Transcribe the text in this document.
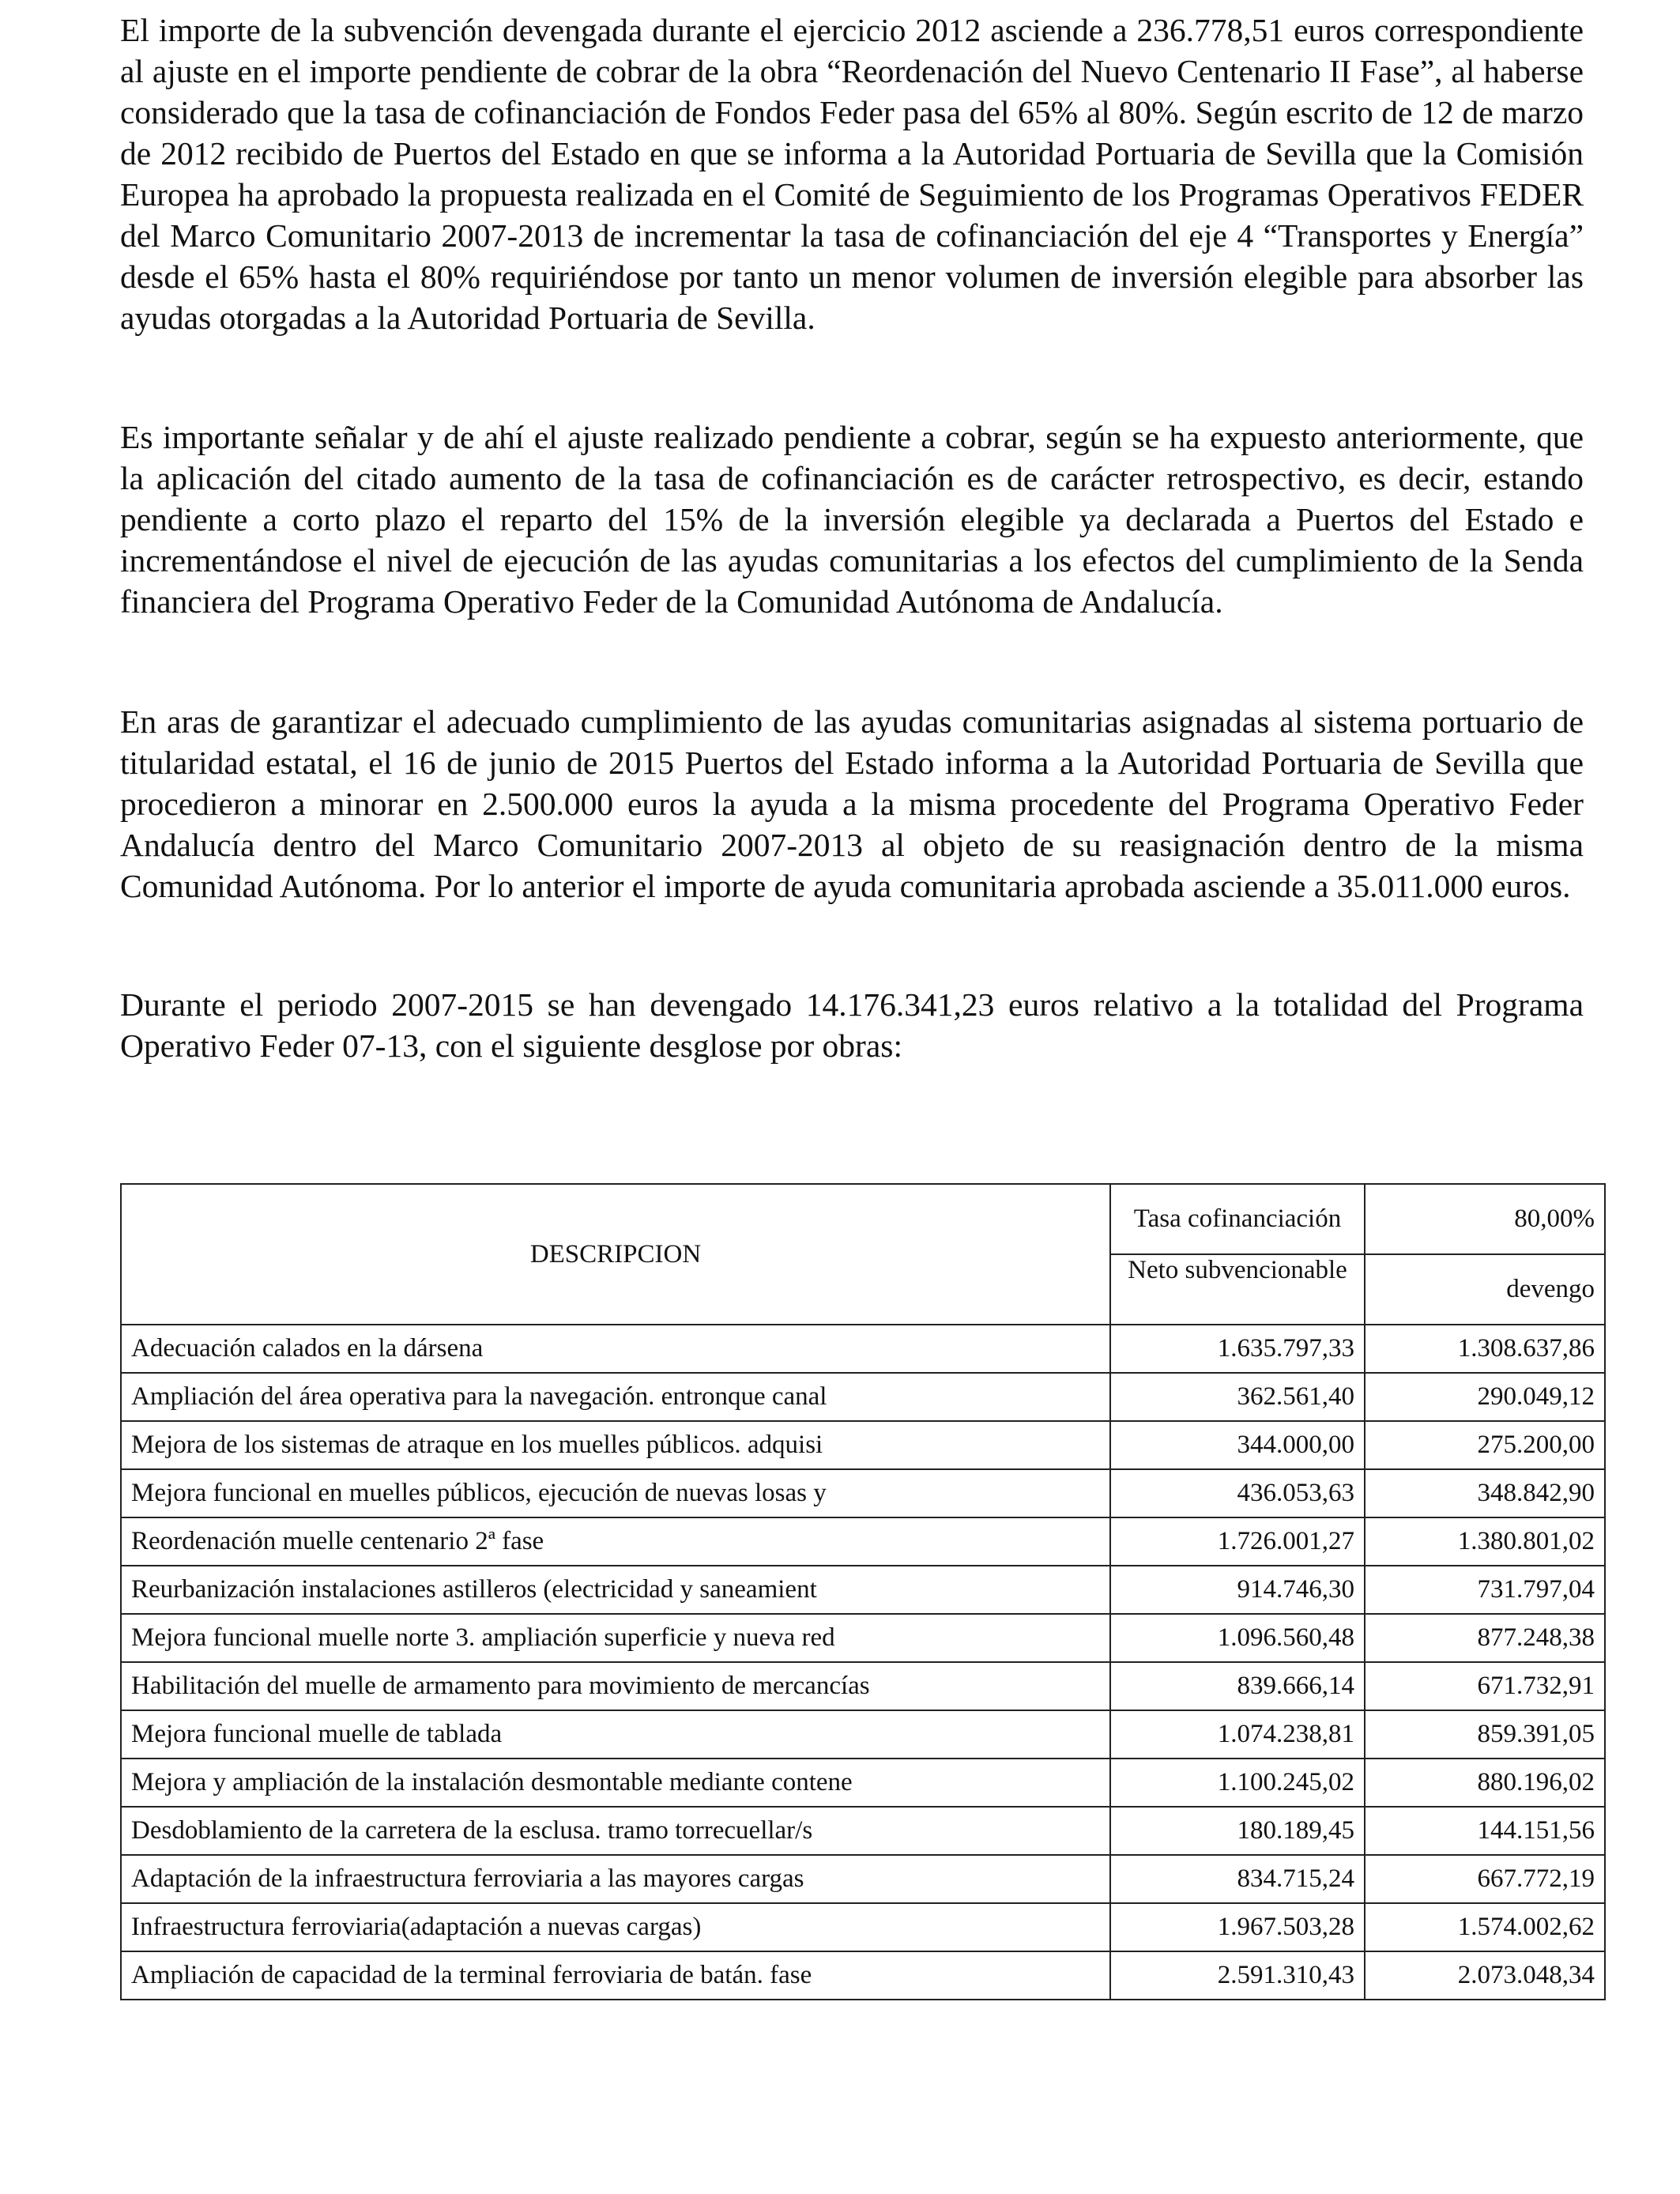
El importe de la subvención devengada durante el ejercicio 2012 asciende a 236.778,51 euros correspondiente al ajuste en el importe pendiente de cobrar de la obra “Reordenación del Nuevo Centenario II Fase”, al haberse considerado que la tasa de cofinanciación de Fondos Feder pasa del 65% al 80%. Según escrito de 12 de marzo de 2012 recibido de Puertos del Estado en que se informa a la Autoridad Portuaria de Sevilla que la Comisión Europea ha aprobado la propuesta realizada en el Comité de Seguimiento de los Programas Operativos FEDER del Marco Comunitario 2007-2013 de incrementar la tasa de cofinanciación del eje 4 “Transportes y Energía” desde el 65% hasta el 80% requiriéndose por tanto un menor volumen de inversión elegible para absorber las ayudas otorgadas a la Autoridad Portuaria de Sevilla.

Es importante señalar y de ahí el ajuste realizado pendiente a cobrar, según se ha expuesto anteriormente, que la aplicación del citado aumento de la tasa de cofinanciación es de carácter retrospectivo, es decir, estando pendiente a corto plazo el reparto del 15% de la inversión elegible ya declarada a Puertos del Estado e incrementándose el nivel de ejecución de las ayudas comunitarias a los efectos del cumplimiento de la Senda financiera del Programa Operativo Feder de la Comunidad Autónoma de Andalucía.

En aras de garantizar el adecuado cumplimiento de las ayudas comunitarias asignadas al sistema portuario de titularidad estatal, el 16 de junio de 2015 Puertos del Estado informa a la Autoridad Portuaria de Sevilla que procedieron a minorar en 2.500.000 euros la ayuda a la misma procedente del Programa Operativo Feder Andalucía dentro del Marco Comunitario 2007-2013 al objeto de su reasignación dentro de la misma Comunidad Autónoma. Por lo anterior el importe de ayuda comunitaria aprobada asciende a 35.011.000 euros.

Durante el periodo 2007-2015 se han devengado 14.176.341,23 euros relativo a la totalidad del Programa Operativo Feder 07-13, con el siguiente desglose por obras:

DESCRIPCION	Tasa cofinanciación	80,00%
	Neto subvencionable	devengo
Adecuación calados en la dársena	1.635.797,33	1.308.637,86
Ampliación del área operativa para la navegación. entronque canal	362.561,40	290.049,12
Mejora de los sistemas de atraque en los muelles públicos. adquisi	344.000,00	275.200,00
Mejora funcional en muelles públicos, ejecución de nuevas losas y	436.053,63	348.842,90
Reordenación muelle centenario 2ª fase	1.726.001,27	1.380.801,02
Reurbanización instalaciones astilleros (electricidad y saneamient	914.746,30	731.797,04
Mejora funcional muelle norte 3. ampliación superficie y nueva red	1.096.560,48	877.248,38
Habilitación del muelle de armamento para movimiento de mercancías	839.666,14	671.732,91
Mejora funcional muelle de tablada	1.074.238,81	859.391,05
Mejora y ampliación de la instalación desmontable mediante contene	1.100.245,02	880.196,02
Desdoblamiento de la carretera de la esclusa. tramo torrecuellar/s	180.189,45	144.151,56
Adaptación de la infraestructura ferroviaria a las mayores cargas	834.715,24	667.772,19
Infraestructura ferroviaria(adaptación a nuevas cargas)	1.967.503,28	1.574.002,62
Ampliación de capacidad de la terminal ferroviaria de batán. fase	2.591.310,43	2.073.048,34
